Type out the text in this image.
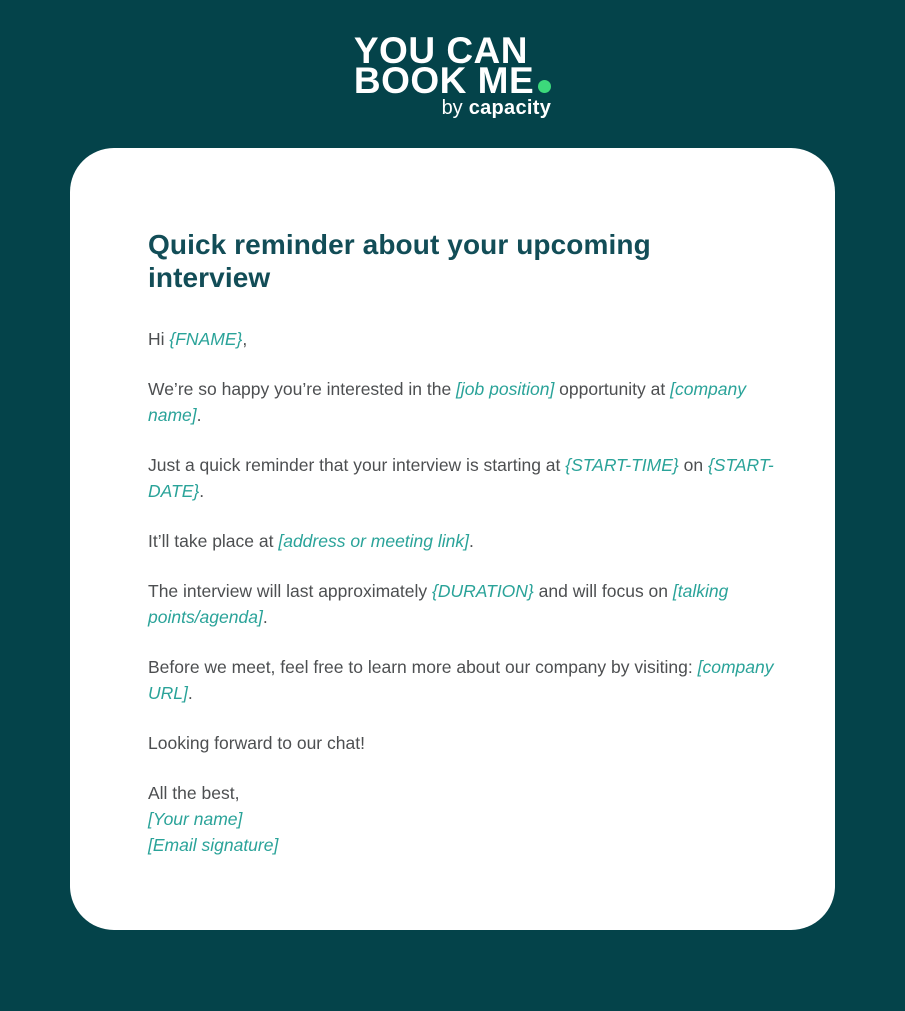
YOU CAN
BOOK ME
by capacity
Quick reminder about your upcoming interview

Hi {FNAME},

We’re so happy you’re interested in the [job position] opportunity at [company name].

Just a quick reminder that your interview is starting at {START-TIME} on {START-DATE}.

It’ll take place at [address or meeting link].

The interview will last approximately {DURATION} and will focus on [talking points/agenda].

Before we meet, feel free to learn more about our company by visiting: [company URL].

Looking forward to our chat!

All the best,
[Your name]
[Email signature]
